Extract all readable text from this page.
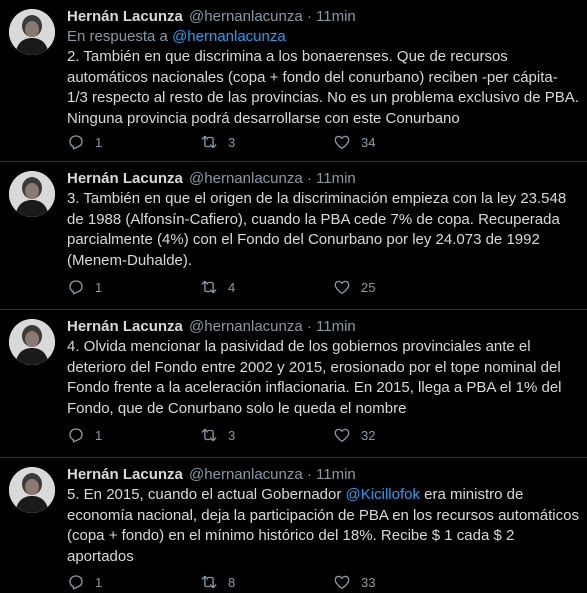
Hernán Lacunza @hernanlacunza · 11min
En respuesta a @hernanlacunza
2. También en que discrimina a los bonaerenses. Que de recursos automáticos nacionales (copa + fondo del conurbano) reciben -per cápita- 1/3 respecto al resto de las provincias. No es un problema exclusivo de PBA. Ninguna provincia podrá desarrollarse con este Conurbano
1	3	34
Hernán Lacunza @hernanlacunza · 11min
3. También en que el origen de la discriminación empieza con la ley 23.548 de 1988 (Alfonsín-Cafiero), cuando la PBA cede 7% de copa. Recuperada parcialmente (4%) con el Fondo del Conurbano por ley 24.073 de 1992 (Menem-Duhalde).
1	4	25
Hernán Lacunza @hernanlacunza · 11min
4. Olvida mencionar la pasividad de los gobiernos provinciales ante el deterioro del Fondo entre 2002 y 2015, erosionado por el tope nominal del Fondo frente a la aceleración inflacionaria. En 2015, llega a PBA el 1% del Fondo, que de Conurbano solo le queda el nombre
1	3	32
Hernán Lacunza @hernanlacunza · 11min
5. En 2015, cuando el actual Gobernador @Kicillofok era ministro de economía nacional, deja la participación de PBA en los recursos automáticos (copa + fondo) en el mínimo histórico del 18%. Recibe $ 1 cada $ 2 aportados
1	8	33
